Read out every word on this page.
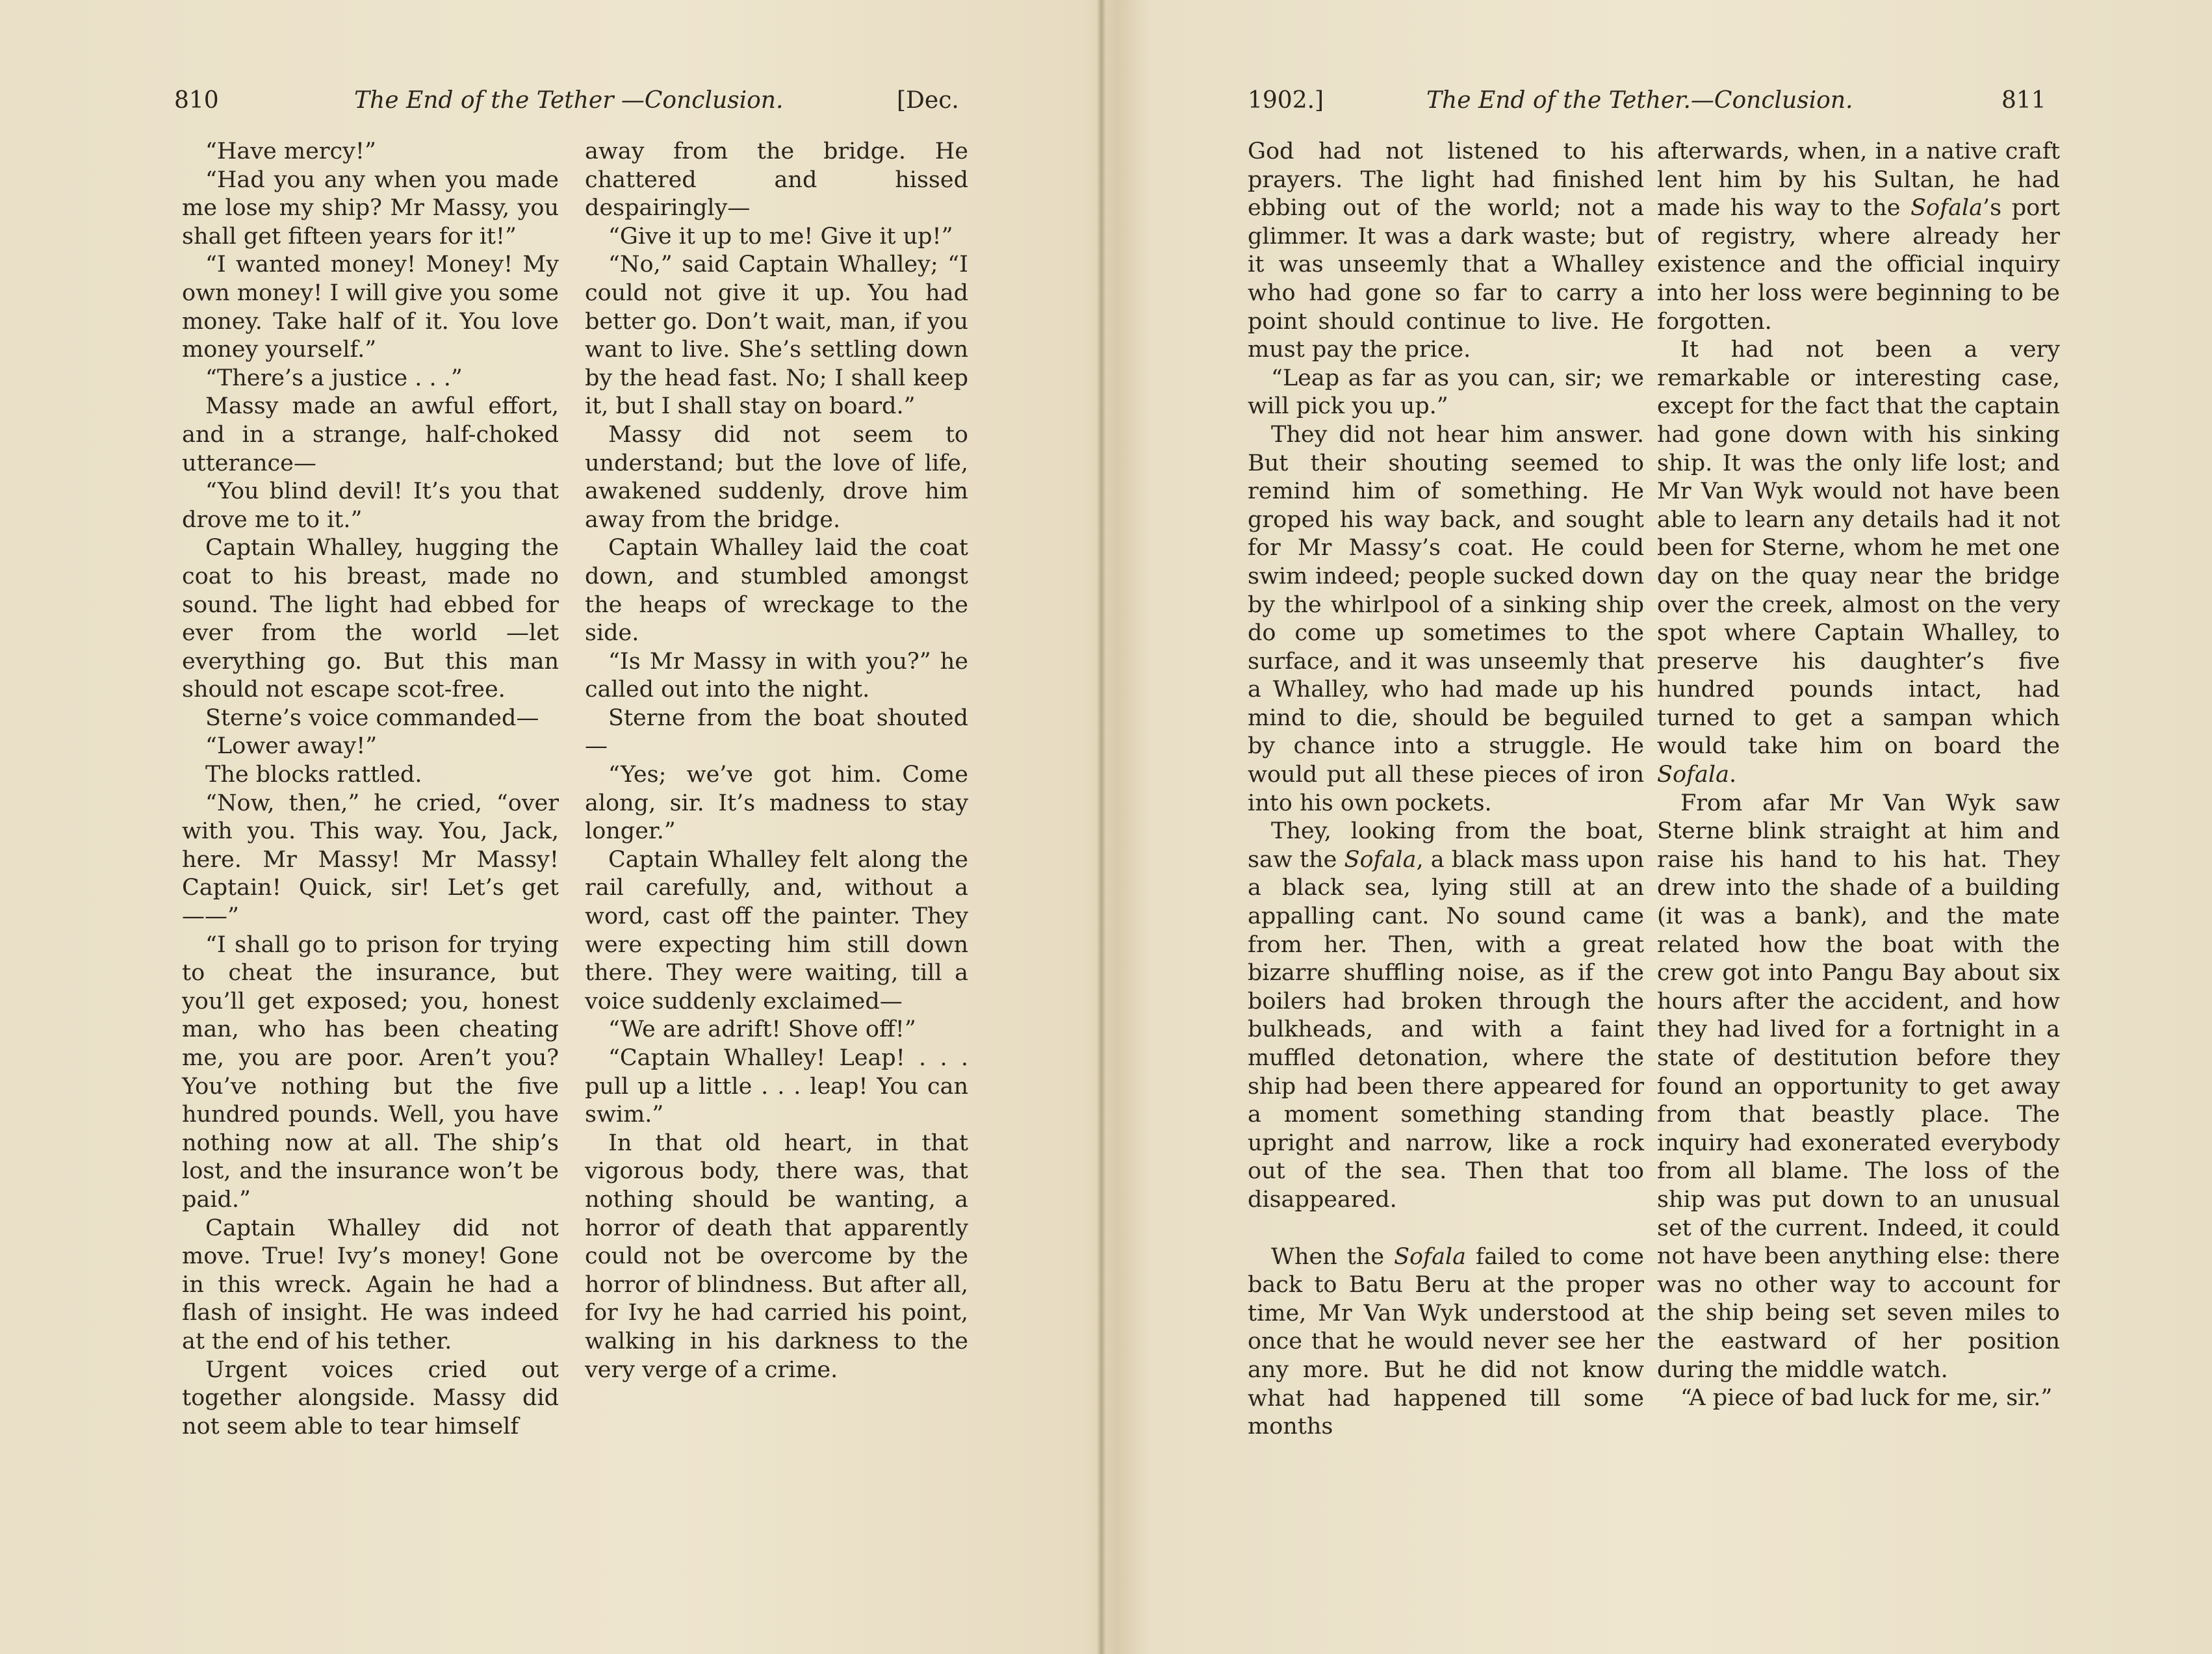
810	The End of the Tether —Conclusion.	[Dec.

“Have mercy!”

“Had you any when you made me lose my ship? Mr Massy, you shall get fifteen years for it!”

“I wanted money! Money! My own money! I will give you some money. Take half of it. You love money yourself.”

“There’s a justice . . .”

Massy made an awful effort, and in a strange, half-choked utterance—

“You blind devil! It’s you that drove me to it.”

Captain Whalley, hugging the coat to his breast, made no sound. The light had ebbed for ever from the world —let everything go. But this man should not escape scot-free.

Sterne’s voice commanded—

“Lower away!”

The blocks rattled.

“Now, then,” he cried, “over with you. This way. You, Jack, here. Mr Massy! Mr Massy! Captain! Quick, sir! Let’s get——”

“I shall go to prison for trying to cheat the insurance, but you’ll get exposed; you, honest man, who has been cheating me, you are poor. Aren’t you? You’ve nothing but the five hundred pounds. Well, you have nothing now at all. The ship’s lost, and the insurance won’t be paid.”

Captain Whalley did not move. True! Ivy’s money! Gone in this wreck. Again he had a flash of insight. He was indeed at the end of his tether.

Urgent voices cried out together alongside. Massy did not seem able to tear himself

away from the bridge. He chattered and hissed despairingly—

“Give it up to me! Give it up!”

“No,” said Captain Whalley; “I could not give it up. You had better go. Don’t wait, man, if you want to live. She’s settling down by the head fast. No; I shall keep it, but I shall stay on board.”

Massy did not seem to understand; but the love of life, awakened suddenly, drove him away from the bridge.

Captain Whalley laid the coat down, and stumbled amongst the heaps of wreckage to the side.

“Is Mr Massy in with you?” he called out into the night.

Sterne from the boat shouted—

“Yes; we’ve got him. Come along, sir. It’s madness to stay longer.”

Captain Whalley felt along the rail carefully, and, without a word, cast off the painter. They were expecting him still down there. They were waiting, till a voice suddenly exclaimed—

“We are adrift! Shove off!”

“Captain Whalley! Leap! . . . pull up a little . . . leap! You can swim.”

In that old heart, in that vigorous body, there was, that nothing should be wanting, a horror of death that apparently could not be overcome by the horror of blindness. But after all, for Ivy he had carried his point, walking in his darkness to the very verge of a crime.

1902.]	The End of the Tether.—Conclusion.	811

God had not listened to his prayers. The light had finished ebbing out of the world; not a glimmer. It was a dark waste; but it was unseemly that a Whalley who had gone so far to carry a point should continue to live. He must pay the price.

“Leap as far as you can, sir; we will pick you up.”

They did not hear him answer. But their shouting seemed to remind him of something. He groped his way back, and sought for Mr Massy’s coat. He could swim indeed; people sucked down by the whirlpool of a sinking ship do come up sometimes to the surface, and it was unseemly that a Whalley, who had made up his mind to die, should be beguiled by chance into a struggle. He would put all these pieces of iron into his own pockets.

They, looking from the boat, saw the Sofala, a black mass upon a black sea, lying still at an appalling cant. No sound came from her. Then, with a great bizarre shuffling noise, as if the boilers had broken through the bulkheads, and with a faint muffled detonation, where the ship had been there appeared for a moment something standing upright and narrow, like a rock out of the sea. Then that too disappeared.

When the Sofala failed to come back to Batu Beru at the proper time, Mr Van Wyk understood at once that he would never see her any more. But he did not know what had happened till some months

afterwards, when, in a native craft lent him by his Sultan, he had made his way to the Sofala’s port of registry, where already her existence and the official inquiry into her loss were beginning to be forgotten.

It had not been a very remarkable or interesting case, except for the fact that the captain had gone down with his sinking ship. It was the only life lost; and Mr Van Wyk would not have been able to learn any details had it not been for Sterne, whom he met one day on the quay near the bridge over the creek, almost on the very spot where Captain Whalley, to preserve his daughter’s five hundred pounds intact, had turned to get a sampan which would take him on board the Sofala.

From afar Mr Van Wyk saw Sterne blink straight at him and raise his hand to his hat. They drew into the shade of a building (it was a bank), and the mate related how the boat with the crew got into Pangu Bay about six hours after the accident, and how they had lived for a fortnight in a state of destitution before they found an opportunity to get away from that beastly place. The inquiry had exonerated everybody from all blame. The loss of the ship was put down to an unusual set of the current. Indeed, it could not have been anything else: there was no other way to account for the ship being set seven miles to the eastward of her position during the middle watch.

“A piece of bad luck for me, sir.”
